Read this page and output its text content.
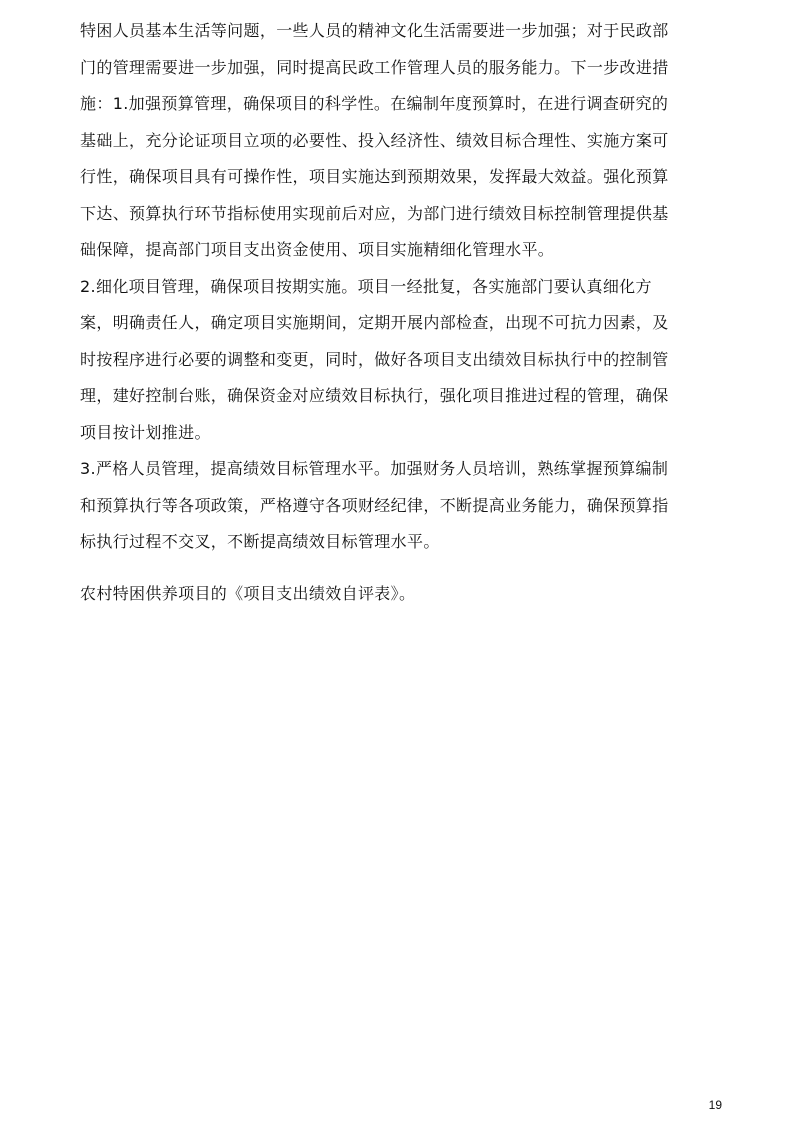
特困人员基本生活等问题，一些人员的精神文化生活需要进一步加强；对于民政部
门的管理需要进一步加强，同时提高民政工作管理人员的服务能力。下一步改进措
施：1.加强预算管理，确保项目的科学性。在编制年度预算时，在进行调查研究的
基础上，充分论证项目立项的必要性、投入经济性、绩效目标合理性、实施方案可
行性，确保项目具有可操作性，项目实施达到预期效果，发挥最大效益。强化预算
下达、预算执行环节指标使用实现前后对应，为部门进行绩效目标控制管理提供基
础保障，提高部门项目支出资金使用、项目实施精细化管理水平。

2.细化项目管理，确保项目按期实施。项目一经批复，各实施部门要认真细化方
案，明确责任人，确定项目实施期间，定期开展内部检查，出现不可抗力因素，及
时按程序进行必要的调整和变更，同时，做好各项目支出绩效目标执行中的控制管
理，建好控制台账，确保资金对应绩效目标执行，强化项目推进过程的管理，确保
项目按计划推进。

3.严格人员管理，提高绩效目标管理水平。加强财务人员培训，熟练掌握预算编制
和预算执行等各项政策，严格遵守各项财经纪律，不断提高业务能力，确保预算指
标执行过程不交叉，不断提高绩效目标管理水平。

农村特困供养项目的《项目支出绩效自评表》。

19
